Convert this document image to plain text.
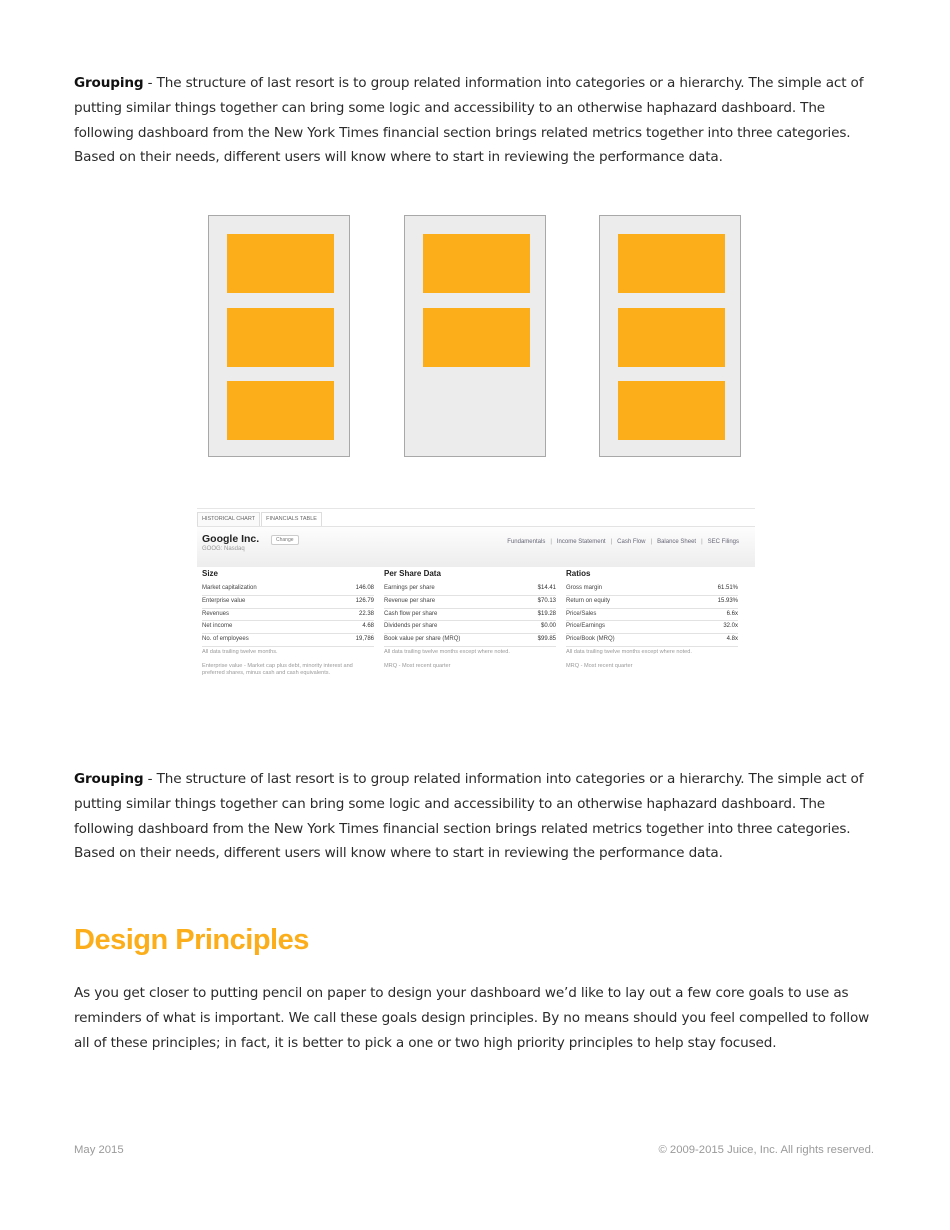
Grouping - The structure of last resort is to group related information into categories or a hierarchy. The simple act of putting similar things together can bring some logic and accessibility to an otherwise haphazard dashboard. The following dashboard from the New York Times financial section brings related metrics together into three categories. Based on their needs, different users will know where to start in reviewing the performance data.

HISTORICAL CHART	FINANCIALS TABLE
Google Inc.
GOOG: Nasdaq
Change	Fundamentals | Income Statement | Cash Flow | Balance Sheet | SEC Filings
Size
Market capitalization	146.08
Enterprise value	126.79
Revenues	22.38
Net income	4.68
No. of employees	19,786
All data trailing twelve months.
Enterprise value - Market cap plus debt, minority interest and preferred shares, minus cash and cash equivalents.
Per Share Data
Earnings per share	$14.41
Revenue per share	$70.13
Cash flow per share	$19.28
Dividends per share	$0.00
Book value per share (MRQ)	$99.85
All data trailing twelve months except where noted.
MRQ - Most recent quarter
Ratios
Gross margin	61.51%
Return on equity	15.93%
Price/Sales	6.6x
Price/Earnings	32.0x
Price/Book (MRQ)	4.8x
All data trailing twelve months except where noted.
MRQ - Most recent quarter

Grouping - The structure of last resort is to group related information into categories or a hierarchy. The simple act of putting similar things together can bring some logic and accessibility to an otherwise haphazard dashboard. The following dashboard from the New York Times financial section brings related metrics together into three categories. Based on their needs, different users will know where to start in reviewing the performance data.

Design Principles

As you get closer to putting pencil on paper to design your dashboard we’d like to lay out a few core goals to use as reminders of what is important. We call these goals design principles. By no means should you feel compelled to follow all of these principles; in fact, it is better to pick a one or two high priority principles to help stay focused.

May 2015	© 2009-2015 Juice, Inc. All rights reserved.
